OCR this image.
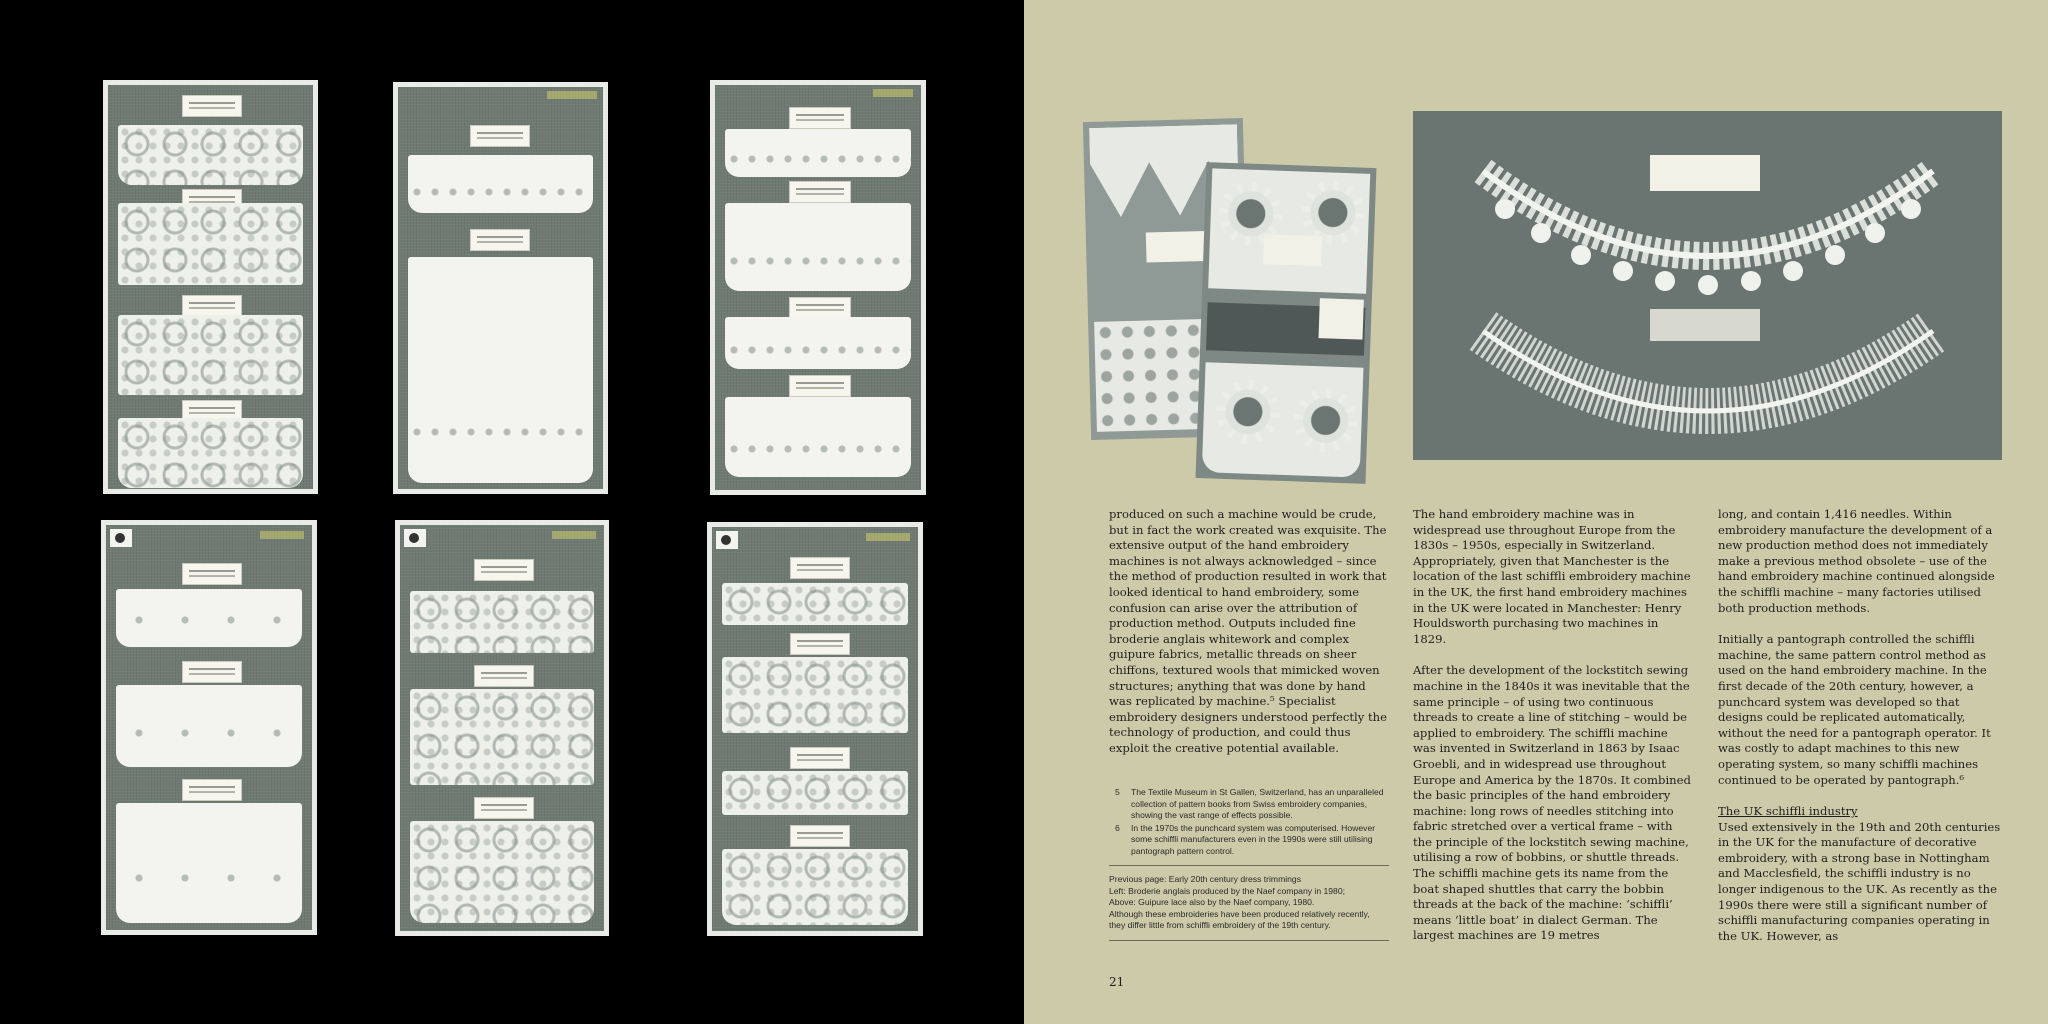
produced on such a machine would be crude, but in fact the work created was exquisite. The extensive output of the hand embroidery machines is not always acknowledged – since the method of production resulted in work that looked identical to hand embroidery, some confusion can arise over the attribution of production method. Outputs included fine broderie anglais whitework and complex guipure fabrics, metallic threads on sheer chiffons, textured wools that mimicked woven structures; anything that was done by hand was replicated by machine.⁵ Specialist embroidery designers understood perfectly the technology of production, and could thus exploit the creative potential available.

5	The Textile Museum in St Gallen, Switzerland, has an unparalleled collection of pattern books from Swiss embroidery companies, showing the vast range of effects possible.
6	In the 1970s the punchcard system was computerised. However some schiffli manufacturers even in the 1990s were still utilising pantograph pattern control.
Previous page: Early 20th century dress trimmings
Left: Broderie anglais produced by the Naef company in 1980;
Above: Guipure lace also by the Naef company, 1980.
Although these embroideries have been produced relatively recently,
they differ little from schiffli embroidery of the 19th century.

The hand embroidery machine was in widespread use throughout Europe from the 1830s – 1950s, especially in Switzerland. Appropriately, given that Manchester is the location of the last schiffli embroidery machine in the UK, the first hand embroidery machines in the UK were located in Manchester: Henry Houldsworth purchasing two machines in 1829.

After the development of the lockstitch sewing machine in the 1840s it was inevitable that the same principle – of using two continuous threads to create a line of stitching – would be applied to embroidery. The schiffli machine was invented in Switzerland in 1863 by Isaac Groebli, and in widespread use throughout Europe and America by the 1870s. It combined the basic principles of the hand embroidery machine: long rows of needles stitching into fabric stretched over a vertical frame – with the principle of the lockstitch sewing machine, utilising a row of bobbins, or shuttle threads. The schiffli machine gets its name from the boat shaped shuttles that carry the bobbin threads at the back of the machine: ‘schiffli’ means ‘little boat’ in dialect German. The largest machines are 19 metres

long, and contain 1,416 needles. Within embroidery manufacture the development of a new production method does not immediately make a previous method obsolete – use of the hand embroidery machine continued alongside the schiffli machine – many factories utilised both production methods.

Initially a pantograph controlled the schiffli machine, the same pattern control method as used on the hand embroidery machine. In the first decade of the 20th century, however, a punchcard system was developed so that designs could be replicated automatically, without the need for a pantograph operator. It was costly to adapt machines to this new operating system, so many schiffli machines continued to be operated by pantograph.⁶

The UK schiffli industry

Used extensively in the 19th and 20th centuries in the UK for the manufacture of decorative embroidery, with a strong base in Nottingham and Macclesfield, the schiffli industry is no longer indigenous to the UK. As recently as the 1990s there were still a significant number of schiffli manufacturing companies operating in the UK. However, as

21
